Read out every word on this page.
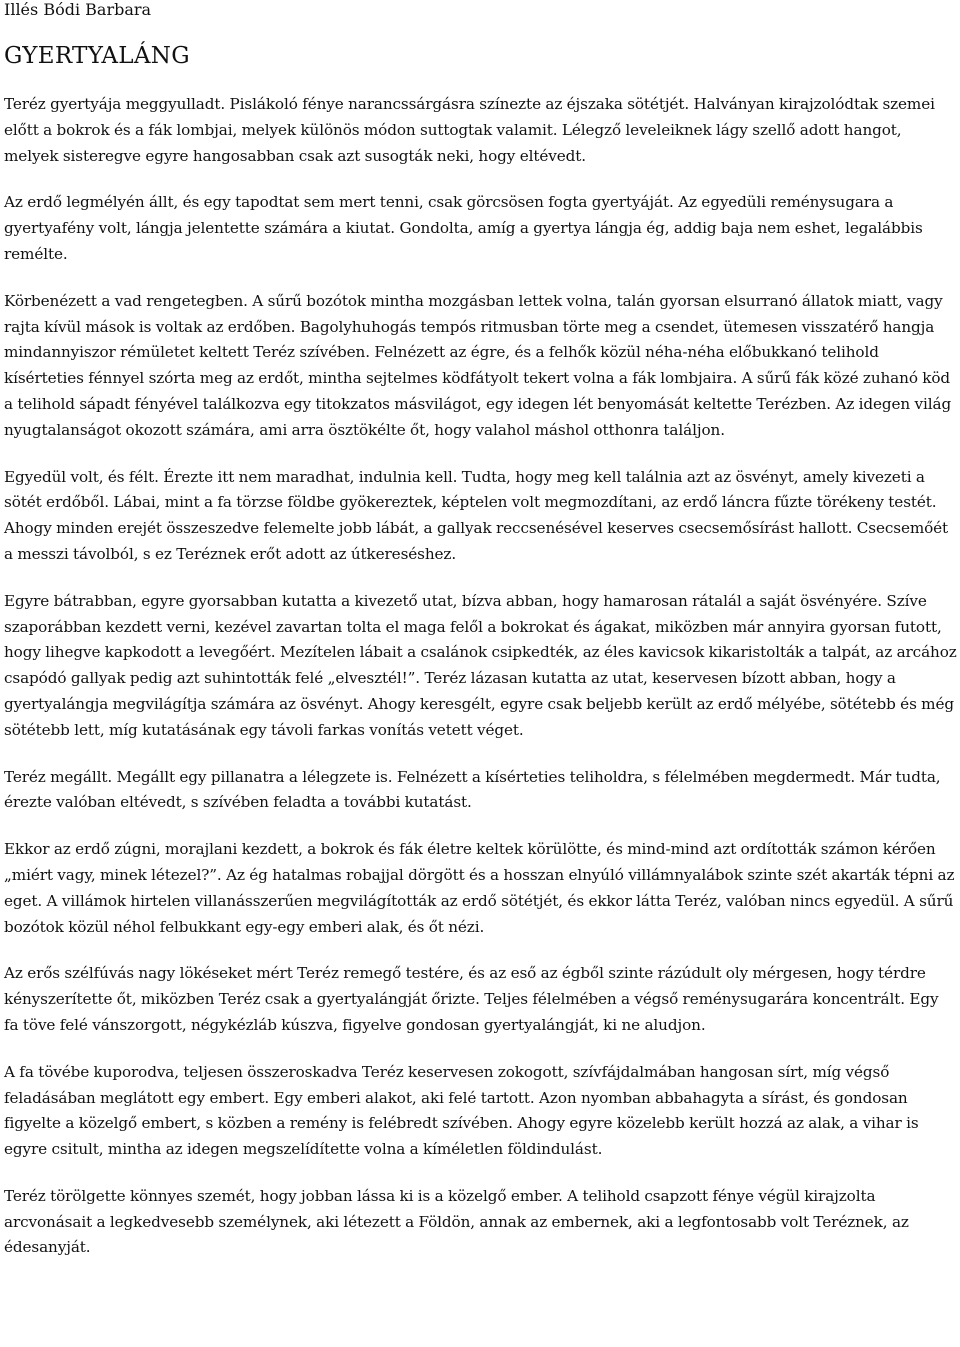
Illés Bódi Barbara

GYERTYALÁNG

Teréz gyertyája meggyulladt. Pislákoló fénye narancssárgásra színezte az éjszaka sötétjét. Halványan kirajzolódtak szemei előtt a bokrok és a fák lombjai, melyek különös módon suttogtak valamit. Lélegző leveleiknek lágy szellő adott hangot, melyek sisteregve egyre hangosabban csak azt susogták neki, hogy eltévedt.

Az erdő legmélyén állt, és egy tapodtat sem mert tenni, csak görcsösen fogta gyertyáját. Az egyedüli reménysugara a gyertyafény volt, lángja jelentette számára a kiutat. Gondolta, amíg a gyertya lángja ég, addig baja nem eshet, legalábbis remélte.

Körbenézett a vad rengetegben. A sűrű bozótok mintha mozgásban lettek volna, talán gyorsan elsurranó állatok miatt, vagy rajta kívül mások is voltak az erdőben. Bagolyhuhogás tempós ritmusban törte meg a csendet, ütemesen visszatérő hangja mindannyiszor rémületet keltett Teréz szívében. Felnézett az égre, és a felhők közül néha-néha előbukkanó telihold kísérteties fénnyel szórta meg az erdőt, mintha sejtelmes ködfátyolt tekert volna a fák lombjaira. A sűrű fák közé zuhanó köd a telihold sápadt fényével találkozva egy titokzatos másvilágot, egy idegen lét benyomását keltette Terézben. Az idegen világ nyugtalanságot okozott számára, ami arra ösztökélte őt, hogy valahol máshol otthonra találjon.

Egyedül volt, és félt. Érezte itt nem maradhat, indulnia kell. Tudta, hogy meg kell találnia azt az ösvényt, amely kivezeti a sötét erdőből. Lábai, mint a fa törzse földbe gyökereztek, képtelen volt megmozdítani, az erdő láncra fűzte törékeny testét. Ahogy minden erejét összeszedve felemelte jobb lábát, a gallyak reccsenésével keserves csecsemősírást hallott. Csecsemőét a messzi távolból, s ez Teréznek erőt adott az útkereséshez.

Egyre bátrabban, egyre gyorsabban kutatta a kivezető utat, bízva abban, hogy hamarosan rátalál a saját ösvényére. Szíve szaporábban kezdett verni, kezével zavartan tolta el maga felől a bokrokat és ágakat, miközben már annyira gyorsan futott, hogy lihegve kapkodott a levegőért. Mezítelen lábait a csalánok csipkedték, az éles kavicsok kikaristolták a talpát, az arcához csapódó gallyak pedig azt suhintották felé „elvesztél!”. Teréz lázasan kutatta az utat, keservesen bízott abban, hogy a gyertyalángja megvilágítja számára az ösvényt. Ahogy keresgélt, egyre csak beljebb került az erdő mélyébe, sötétebb és még sötétebb lett, míg kutatásának egy távoli farkas vonítás vetett véget.

Teréz megállt. Megállt egy pillanatra a lélegzete is. Felnézett a kísérteties teliholdra, s félelmében megdermedt. Már tudta, érezte valóban eltévedt, s szívében feladta a további kutatást.

Ekkor az erdő zúgni, morajlani kezdett, a bokrok és fák életre keltek körülötte, és mind-mind azt ordították számon kérően „miért vagy, minek létezel?”. Az ég hatalmas robajjal dörgött és a hosszan elnyúló villámnyalábok szinte szét akarták tépni az eget. A villámok hirtelen villanásszerűen megvilágították az erdő sötétjét, és ekkor látta Teréz, valóban nincs egyedül. A sűrű bozótok közül néhol felbukkant egy-egy emberi alak, és őt nézi.

Az erős szélfúvás nagy lökéseket mért Teréz remegő testére, és az eső az égből szinte rázúdult oly mérgesen, hogy térdre kényszerítette őt, miközben Teréz csak a gyertyalángját őrizte. Teljes félelmében a végső reménysugarára koncentrált. Egy fa töve felé vánszorgott, négykézláb kúszva, figyelve gondosan gyertyalángját, ki ne aludjon.

A fa tövébe kuporodva, teljesen összeroskadva Teréz keservesen zokogott, szívfájdalmában hangosan sírt, míg végső feladásában meglátott egy embert. Egy emberi alakot, aki felé tartott. Azon nyomban abbahagyta a sírást, és gondosan figyelte a közelgő embert, s közben a remény is felébredt szívében. Ahogy egyre közelebb került hozzá az alak, a vihar is egyre csitult, mintha az idegen megszelídítette volna a kíméletlen földindulást.

Teréz törölgette könnyes szemét, hogy jobban lássa ki is a közelgő ember. A telihold csapzott fénye végül kirajzolta arcvonásait a legkedvesebb személynek, aki létezett a Földön, annak az embernek, aki a legfontosabb volt Teréznek, az édesanyját.
